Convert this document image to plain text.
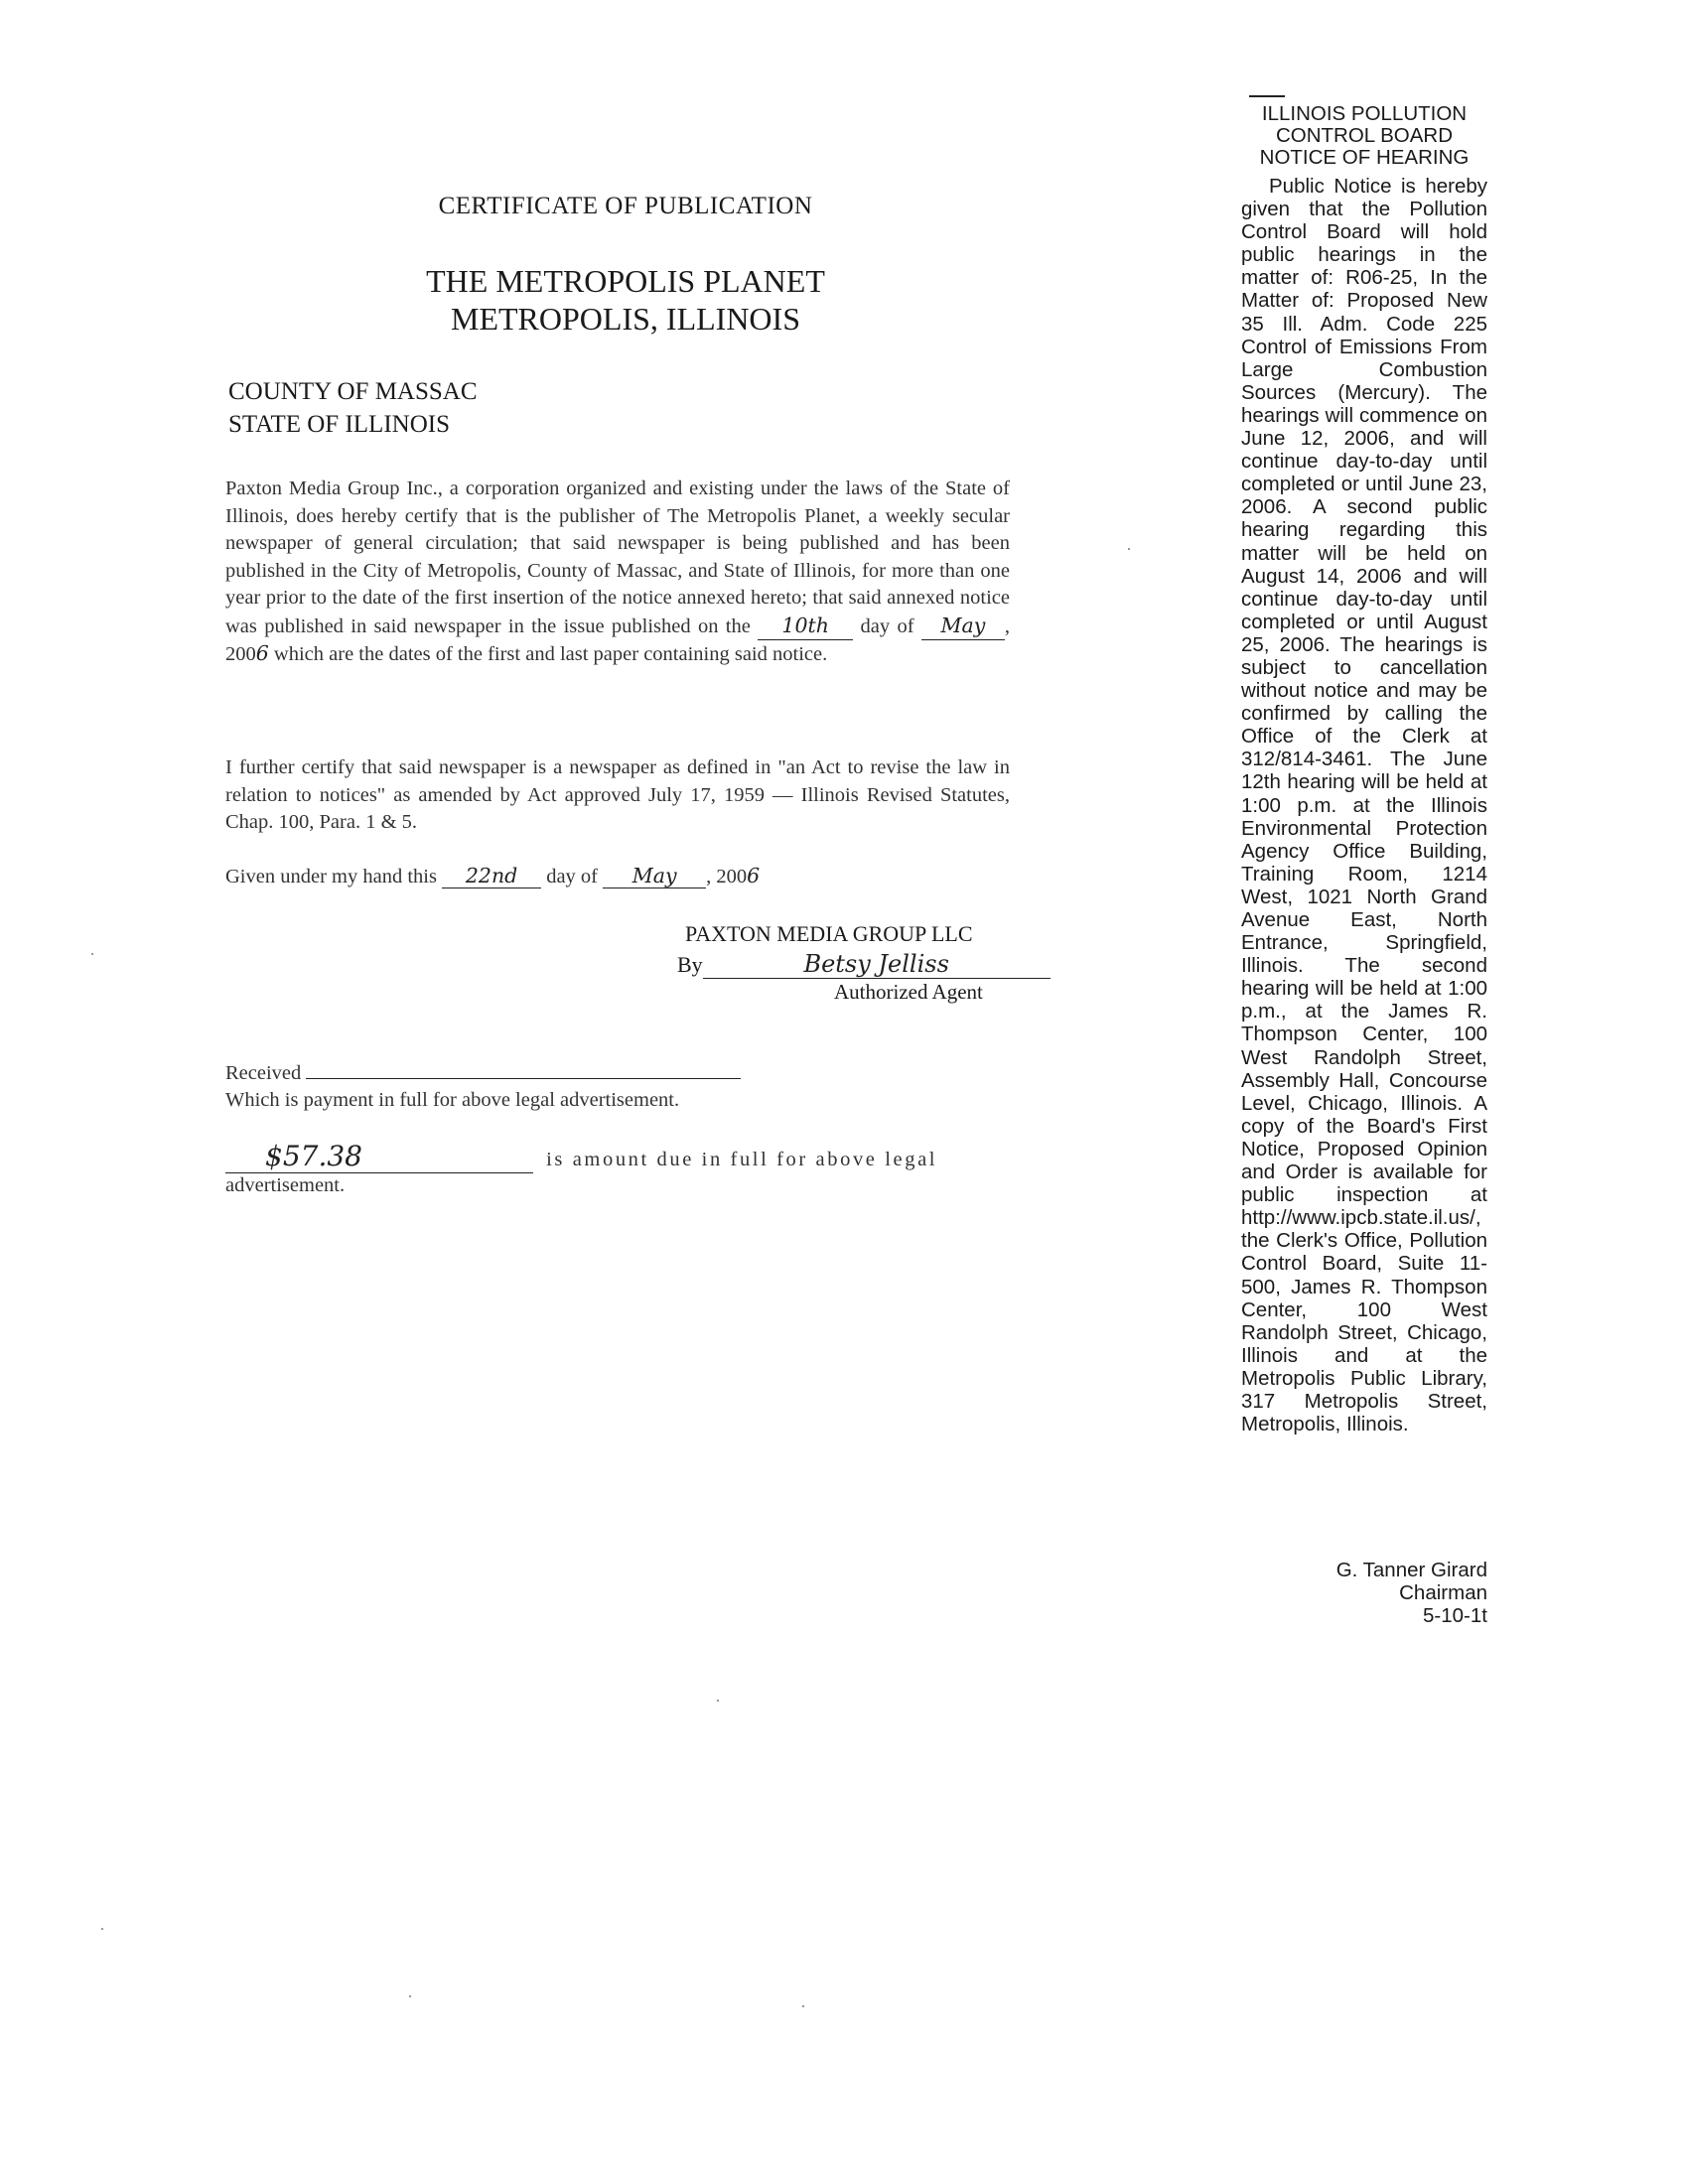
CERTIFICATE OF PUBLICATION
THE METROPOLIS PLANET
METROPOLIS, ILLINOIS
COUNTY OF MASSAC
STATE OF ILLINOIS
Paxton Media Group Inc., a corporation organized and existing under the laws of the State of Illinois, does hereby certify that is the publisher of The Metropolis Planet, a weekly secular newspaper of general circulation; that said newspaper is being published and has been published in the City of Metropolis, County of Massac, and State of Illinois, for more than one year prior to the date of the first insertion of the notice annexed hereto; that said annexed notice was published in said newspaper in the issue published on the 10th day of May , 2006 which are the dates of the first and last paper containing said notice.
I further certify that said newspaper is a newspaper as defined in "an Act to revise the law in relation to notices" as amended by Act approved July 17, 1959 — Illinois Revised Statutes, Chap. 100, Para. 1 & 5.
Given under my hand this 22nd day of May , 2006
PAXTON MEDIA GROUP LLC
By	Betsy Jelliss
Authorized Agent
Received
Which is payment in full for above legal advertisement.
$57.38	is amount due in full for above legal
advertisement.
ILLINOIS POLLUTION
CONTROL BOARD
NOTICE OF HEARING
Public Notice is hereby given that the Pollution Control Board will hold public hearings in the matter of: R06-25, In the Matter of: Proposed New 35 Ill. Adm. Code 225 Control of Emissions From Large Combustion Sources (Mercury). The hearings will commence on June 12, 2006, and will continue day-to-day until completed or until June 23, 2006. A second public hearing regarding this matter will be held on August 14, 2006 and will continue day-to-day until completed or until August 25, 2006. The hearings is subject to cancellation without notice and may be confirmed by calling the Office of the Clerk at 312/814-3461. The June 12th hearing will be held at 1:00 p.m. at the Illinois Environmental Protection Agency Office Building, Training Room, 1214 West, 1021 North Grand Avenue East, North Entrance, Springfield, Illinois. The second hearing will be held at 1:00 p.m., at the James R. Thompson Center, 100 West Randolph Street, Assembly Hall, Concourse Level, Chicago, Illinois. A copy of the Board's First Notice, Proposed Opinion and Order is available for public inspection at http://www.ipcb.state.il.us/, the Clerk's Office, Pollution Control Board, Suite 11-500, James R. Thompson Center, 100 West Randolph Street, Chicago, Illinois and at the Metropolis Public Library, 317 Metropolis Street, Metropolis, Illinois.
G. Tanner Girard
Chairman
5-10-1t
